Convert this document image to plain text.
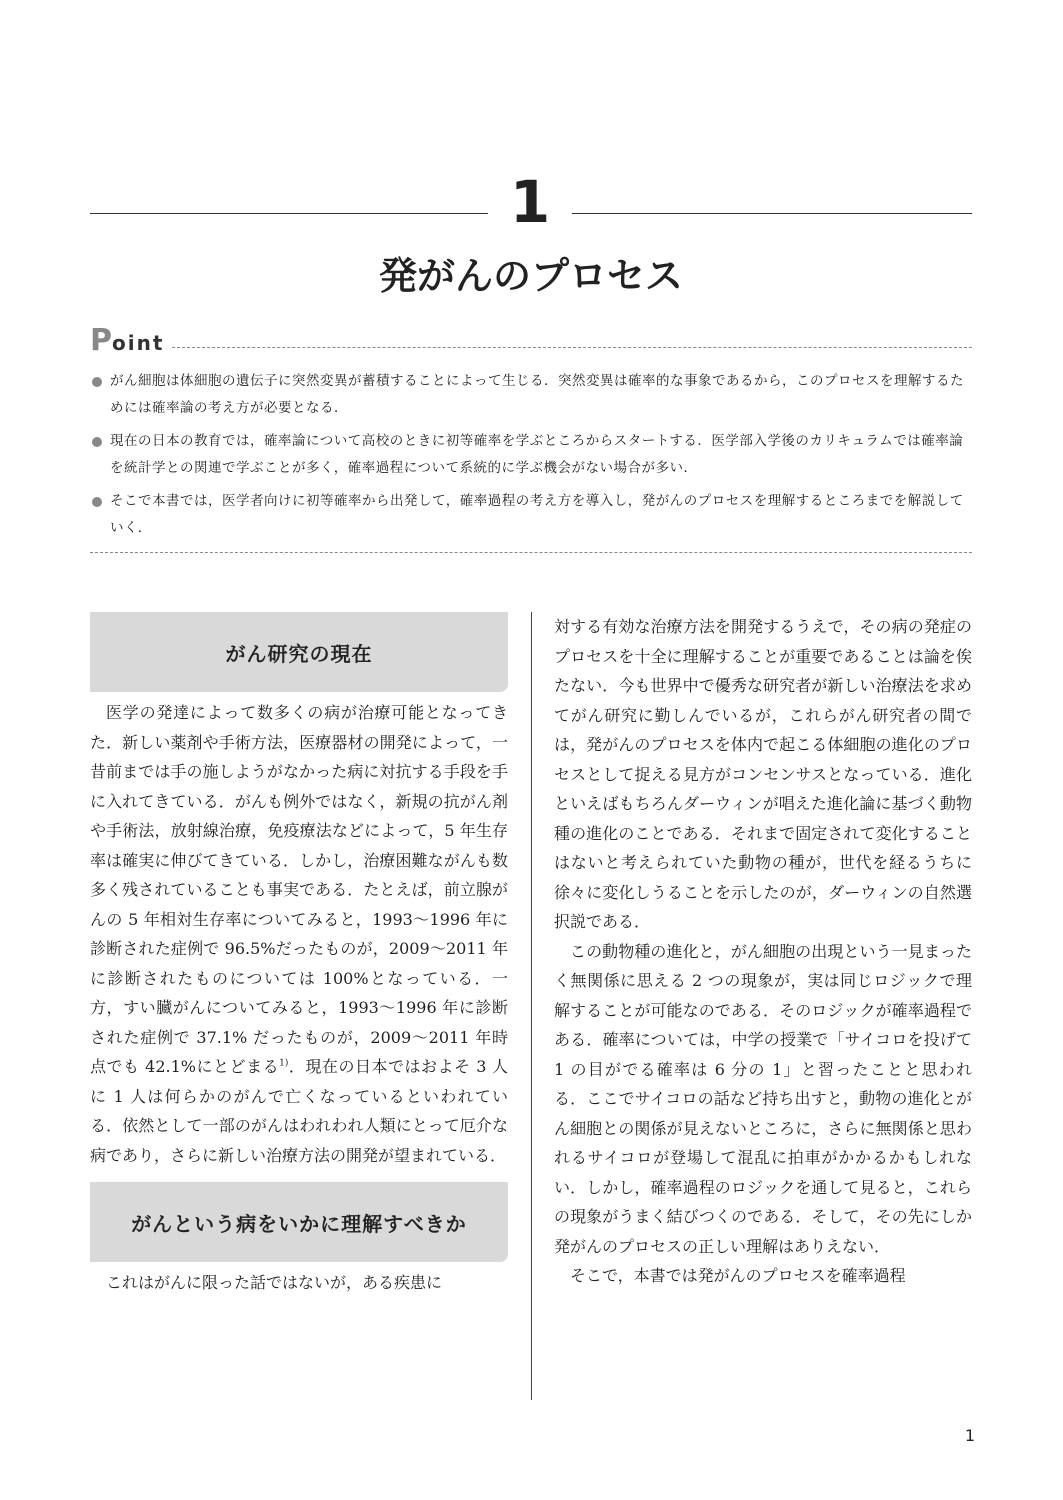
1
発がんのプロセス
Point
がん細胞は体細胞の遺伝子に突然変異が蓄積することによって生じる．突然変異は確率的な事象であるから，このプロセスを理解するためには確率論の考え方が必要となる．
現在の日本の教育では，確率論について高校のときに初等確率を学ぶところからスタートする．医学部入学後のカリキュラムでは確率論を統計学との関連で学ぶことが多く，確率過程について系統的に学ぶ機会がない場合が多い．
そこで本書では，医学者向けに初等確率から出発して，確率過程の考え方を導入し，発がんのプロセスを理解するところまでを解説していく．
がん研究の現在

医学の発達によって数多くの病が治療可能となってきた．新しい薬剤や手術方法，医療器材の開発によって，一昔前までは手の施しようがなかった病に対抗する手段を手に入れてきている．がんも例外ではなく，新規の抗がん剤や手術法，放射線治療，免疫療法などによって，5 年生存率は確実に伸びてきている．しかし，治療困難ながんも数多く残されていることも事実である．たとえば，前立腺がんの 5 年相対生存率についてみると，1993〜1996 年に診断された症例で 96.5%だったものが，2009〜2011 年に診断されたものについては 100%となっている．一方，すい臓がんについてみると，1993〜1996 年に診断された症例で 37.1% だったものが，2009〜2011 年時点でも 42.1%にとどまる$^{1)}$．現在の日本ではおよそ 3 人に 1 人は何らかのがんで亡くなっているといわれている．依然として一部のがんはわれわれ人類にとって厄介な病であり，さらに新しい治療方法の開発が望まれている．

がんという病をいかに理解すべきか

これはがんに限った話ではないが，ある疾患に

対する有効な治療方法を開発するうえで，その病の発症のプロセスを十全に理解することが重要であることは論を俟たない．今も世界中で優秀な研究者が新しい治療法を求めてがん研究に勤しんでいるが，これらがん研究者の間では，発がんのプロセスを体内で起こる体細胞の進化のプロセスとして捉える見方がコンセンサスとなっている．進化といえばもちろんダーウィンが唱えた進化論に基づく動物種の進化のことである．それまで固定されて変化することはないと考えられていた動物の種が，世代を経るうちに徐々に変化しうることを示したのが，ダーウィンの自然選択説である．

この動物種の進化と，がん細胞の出現という一見まったく無関係に思える 2 つの現象が，実は同じロジックで理解することが可能なのである．そのロジックが確率過程である．確率については，中学の授業で「サイコロを投げて 1 の目がでる確率は 6 分の 1」と習ったことと思われる．ここでサイコロの話など持ち出すと，動物の進化とがん細胞との関係が見えないところに，さらに無関係と思われるサイコロが登場して混乱に拍車がかかるかもしれない．しかし，確率過程のロジックを通して見ると，これらの現象がうまく結びつくのである．そして，その先にしか発がんのプロセスの正しい理解はありえない．

そこで，本書では発がんのプロセスを確率過程

1
